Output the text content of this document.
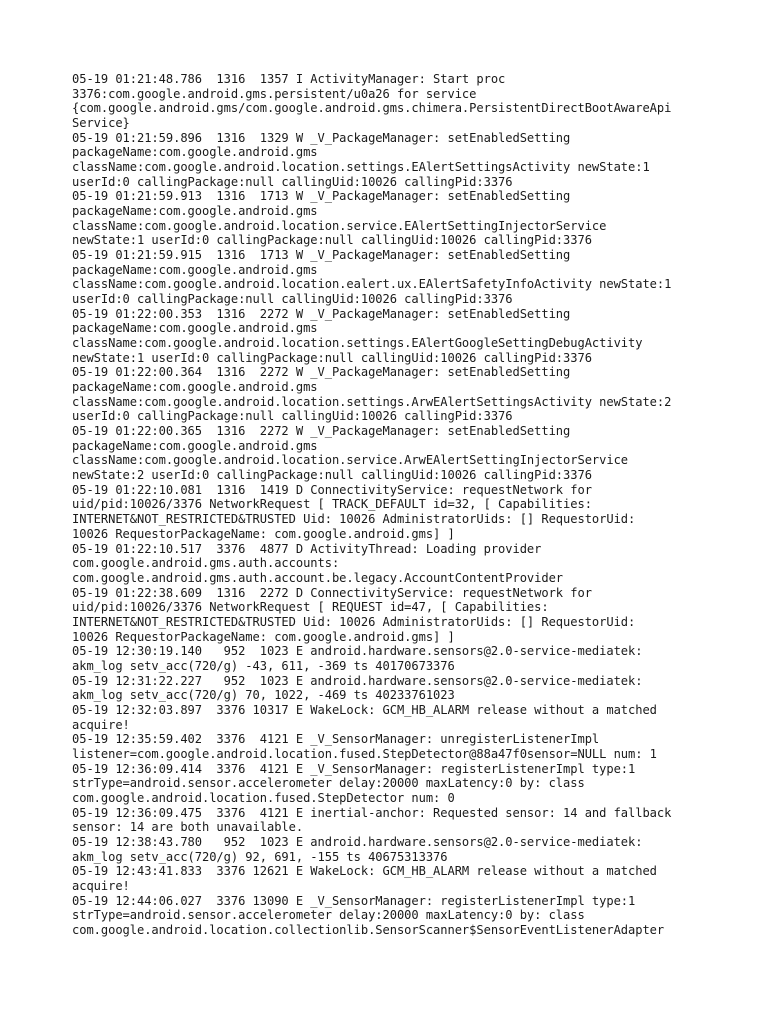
05-19 01:21:48.786  1316  1357 I ActivityManager: Start proc
3376:com.google.android.gms.persistent/u0a26 for service
{com.google.android.gms/com.google.android.gms.chimera.PersistentDirectBootAwareApi
Service}
05-19 01:21:59.896  1316  1329 W _V_PackageManager: setEnabledSetting
packageName:com.google.android.gms
className:com.google.android.location.settings.EAlertSettingsActivity newState:1
userId:0 callingPackage:null callingUid:10026 callingPid:3376
05-19 01:21:59.913  1316  1713 W _V_PackageManager: setEnabledSetting
packageName:com.google.android.gms
className:com.google.android.location.service.EAlertSettingInjectorService
newState:1 userId:0 callingPackage:null callingUid:10026 callingPid:3376
05-19 01:21:59.915  1316  1713 W _V_PackageManager: setEnabledSetting
packageName:com.google.android.gms
className:com.google.android.location.ealert.ux.EAlertSafetyInfoActivity newState:1
userId:0 callingPackage:null callingUid:10026 callingPid:3376
05-19 01:22:00.353  1316  2272 W _V_PackageManager: setEnabledSetting
packageName:com.google.android.gms
className:com.google.android.location.settings.EAlertGoogleSettingDebugActivity
newState:1 userId:0 callingPackage:null callingUid:10026 callingPid:3376
05-19 01:22:00.364  1316  2272 W _V_PackageManager: setEnabledSetting
packageName:com.google.android.gms
className:com.google.android.location.settings.ArwEAlertSettingsActivity newState:2
userId:0 callingPackage:null callingUid:10026 callingPid:3376
05-19 01:22:00.365  1316  2272 W _V_PackageManager: setEnabledSetting
packageName:com.google.android.gms
className:com.google.android.location.service.ArwEAlertSettingInjectorService
newState:2 userId:0 callingPackage:null callingUid:10026 callingPid:3376
05-19 01:22:10.081  1316  1419 D ConnectivityService: requestNetwork for
uid/pid:10026/3376 NetworkRequest [ TRACK_DEFAULT id=32, [ Capabilities:
INTERNET&NOT_RESTRICTED&TRUSTED Uid: 10026 AdministratorUids: [] RequestorUid:
10026 RequestorPackageName: com.google.android.gms] ]
05-19 01:22:10.517  3376  4877 D ActivityThread: Loading provider
com.google.android.gms.auth.accounts:
com.google.android.gms.auth.account.be.legacy.AccountContentProvider
05-19 01:22:38.609  1316  2272 D ConnectivityService: requestNetwork for
uid/pid:10026/3376 NetworkRequest [ REQUEST id=47, [ Capabilities:
INTERNET&NOT_RESTRICTED&TRUSTED Uid: 10026 AdministratorUids: [] RequestorUid:
10026 RequestorPackageName: com.google.android.gms] ]
05-19 12:30:19.140   952  1023 E android.hardware.sensors@2.0-service-mediatek:
akm_log setv_acc(720/g) -43, 611, -369 ts 40170673376
05-19 12:31:22.227   952  1023 E android.hardware.sensors@2.0-service-mediatek:
akm_log setv_acc(720/g) 70, 1022, -469 ts 40233761023
05-19 12:32:03.897  3376 10317 E WakeLock: GCM_HB_ALARM release without a matched
acquire!
05-19 12:35:59.402  3376  4121 E _V_SensorManager: unregisterListenerImpl
listener=com.google.android.location.fused.StepDetector@88a47f0sensor=NULL num: 1
05-19 12:36:09.414  3376  4121 E _V_SensorManager: registerListenerImpl type:1
strType=android.sensor.accelerometer delay:20000 maxLatency:0 by: class
com.google.android.location.fused.StepDetector num: 0
05-19 12:36:09.475  3376  4121 E inertial-anchor: Requested sensor: 14 and fallback
sensor: 14 are both unavailable.
05-19 12:38:43.780   952  1023 E android.hardware.sensors@2.0-service-mediatek:
akm_log setv_acc(720/g) 92, 691, -155 ts 40675313376
05-19 12:43:41.833  3376 12621 E WakeLock: GCM_HB_ALARM release without a matched
acquire!
05-19 12:44:06.027  3376 13090 E _V_SensorManager: registerListenerImpl type:1
strType=android.sensor.accelerometer delay:20000 maxLatency:0 by: class
com.google.android.location.collectionlib.SensorScanner$SensorEventListenerAdapter
